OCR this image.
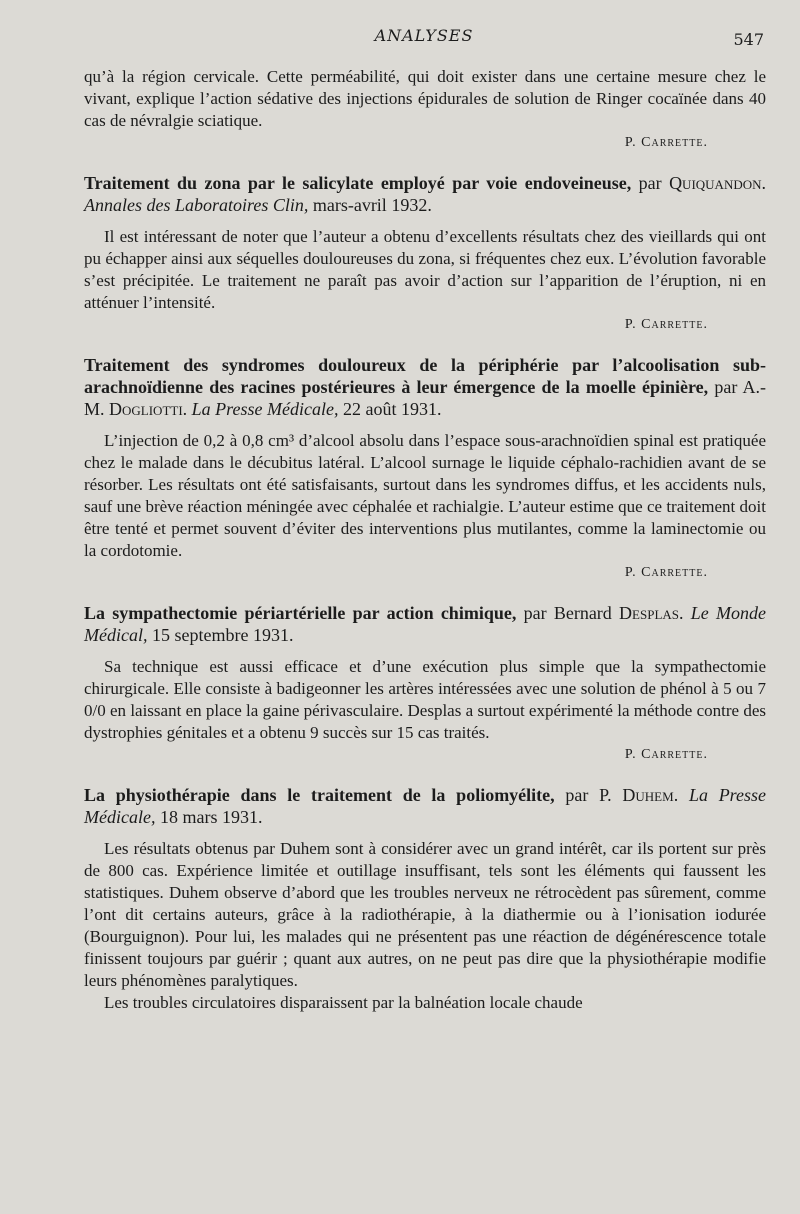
ANALYSES	547

qu’à la région cervicale. Cette perméabilité, qui doit exister dans une certaine mesure chez le vivant, explique l’action sédative des injections épidurales de solution de Ringer cocaïnée dans 40 cas de névralgie sciatique.

P. Carrette.

Traitement du zona par le salicylate employé par voie endoveineuse, par Quiquandon. Annales des Laboratoires Clin, mars-avril 1932.

Il est intéressant de noter que l’auteur a obtenu d’excellents résultats chez des vieillards qui ont pu échapper ainsi aux séquelles douloureuses du zona, si fréquentes chez eux. L’évolution favorable s’est précipitée. Le traitement ne paraît pas avoir d’action sur l’apparition de l’éruption, ni en atténuer l’intensité.

P. Carrette.

Traitement des syndromes douloureux de la périphérie par l’alcoolisation sub-arachnoïdienne des racines postérieures à leur émergence de la moelle épinière, par A.-M. Dogliotti. La Presse Médicale, 22 août 1931.

L’injection de 0,2 à 0,8 cm³ d’alcool absolu dans l’espace sous-arachnoïdien spinal est pratiquée chez le malade dans le décubitus latéral. L’alcool surnage le liquide céphalo-rachidien avant de se résorber. Les résultats ont été satisfaisants, surtout dans les syndromes diffus, et les accidents nuls, sauf une brève réaction méningée avec céphalée et rachialgie. L’auteur estime que ce traitement doit être tenté et permet souvent d’éviter des interventions plus mutilantes, comme la laminectomie ou la cordotomie.

P. Carrette.

La sympathectomie périartérielle par action chimique, par Bernard Desplas. Le Monde Médical, 15 septembre 1931.

Sa technique est aussi efficace et d’une exécution plus simple que la sympathectomie chirurgicale. Elle consiste à badigeonner les artères intéressées avec une solution de phénol à 5 ou 7 0/0 en laissant en place la gaine périvasculaire. Desplas a surtout expérimenté la méthode contre des dystrophies génitales et a obtenu 9 succès sur 15 cas traités.

P. Carrette.

La physiothérapie dans le traitement de la poliomyélite, par P. Duhem. La Presse Médicale, 18 mars 1931.

Les résultats obtenus par Duhem sont à considérer avec un grand intérêt, car ils portent sur près de 800 cas. Expérience limitée et outillage insuffisant, tels sont les éléments qui faussent les statistiques. Duhem observe d’abord que les troubles nerveux ne rétrocèdent pas sûrement, comme l’ont dit certains auteurs, grâce à la radiothérapie, à la diathermie ou à l’ionisation iodurée (Bourguignon). Pour lui, les malades qui ne présentent pas une réaction de dégénérescence totale finissent toujours par guérir ; quant aux autres, on ne peut pas dire que la physiothérapie modifie leurs phénomènes paralytiques.

Les troubles circulatoires disparaissent par la balnéation locale chaude
